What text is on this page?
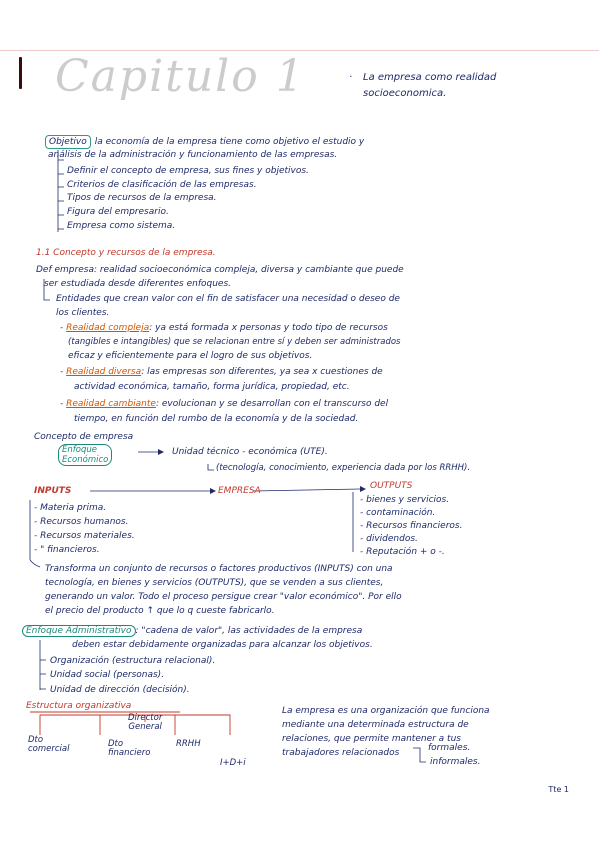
Capitulo 1	· La empresa como realidad socioeconomica.
Objetivo la economía de la empresa tiene como objetivo el estudio y
análisis de la administración y funcionamiento de las empresas.
Definir el concepto de empresa, sus fines y objetivos.
Criterios de clasificación de las empresas.
Tipos de recursos de la empresa.
Figura del empresario.
Empresa como sistema.
1.1 Concepto y recursos de la empresa.
Def empresa: realidad socioeconómica compleja, diversa y cambiante que puede
ser estudiada desde diferentes enfoques.
Entidades que crean valor con el fin de satisfacer una necesidad o deseo de
los clientes.
- Realidad compleja: ya está formada x personas y todo tipo de recursos
(tangibles e intangibles) que se relacionan entre sí y deben ser administrados
eficaz y eficientemente para el logro de sus objetivos.
- Realidad diversa: las empresas son diferentes, ya sea x cuestiones de
actividad económica, tamaño, forma jurídica, propiedad, etc.
- Realidad cambiante: evolucionan y se desarrollan con el transcurso del
tiempo, en función del rumbo de la economía y de la sociedad.
Concepto de empresa
Enfoque
Económico
Unidad técnico - económica (UTE).
(tecnología, conocimiento, experiencia dada por los RRHH).
INPUTS	EMPRESA	OUTPUTS
- Materia prima.
- Recursos humanos.
- Recursos materiales.
- " financieros.
- bienes y servicios.
- contaminación.
- Recursos financieros.
- dividendos.
- Reputación + o -.
Transforma un conjunto de recursos o factores productivos (INPUTS) con una
tecnología, en bienes y servicios (OUTPUTS), que se venden a sus clientes,
generando un valor. Todo el proceso persigue crear "valor económico". Por ello
el precio del producto ↑ que lo q cueste fabricarlo.
Enfoque Administrativo : "cadena de valor", las actividades de la empresa
deben estar debidamente organizadas para alcanzar los objetivos.
Organización (estructura relacional).
Unidad social (personas).
Unidad de dirección (decisión).
Estructura organizativa
Director
General
Dto
comercial	Dto
financiero
RRHH
I+D+i
La empresa es una organización que funciona
mediante una determinada estructura de
relaciones, que permite mantener a tus
trabajadores relacionados	formales.
informales.
Tte 1
